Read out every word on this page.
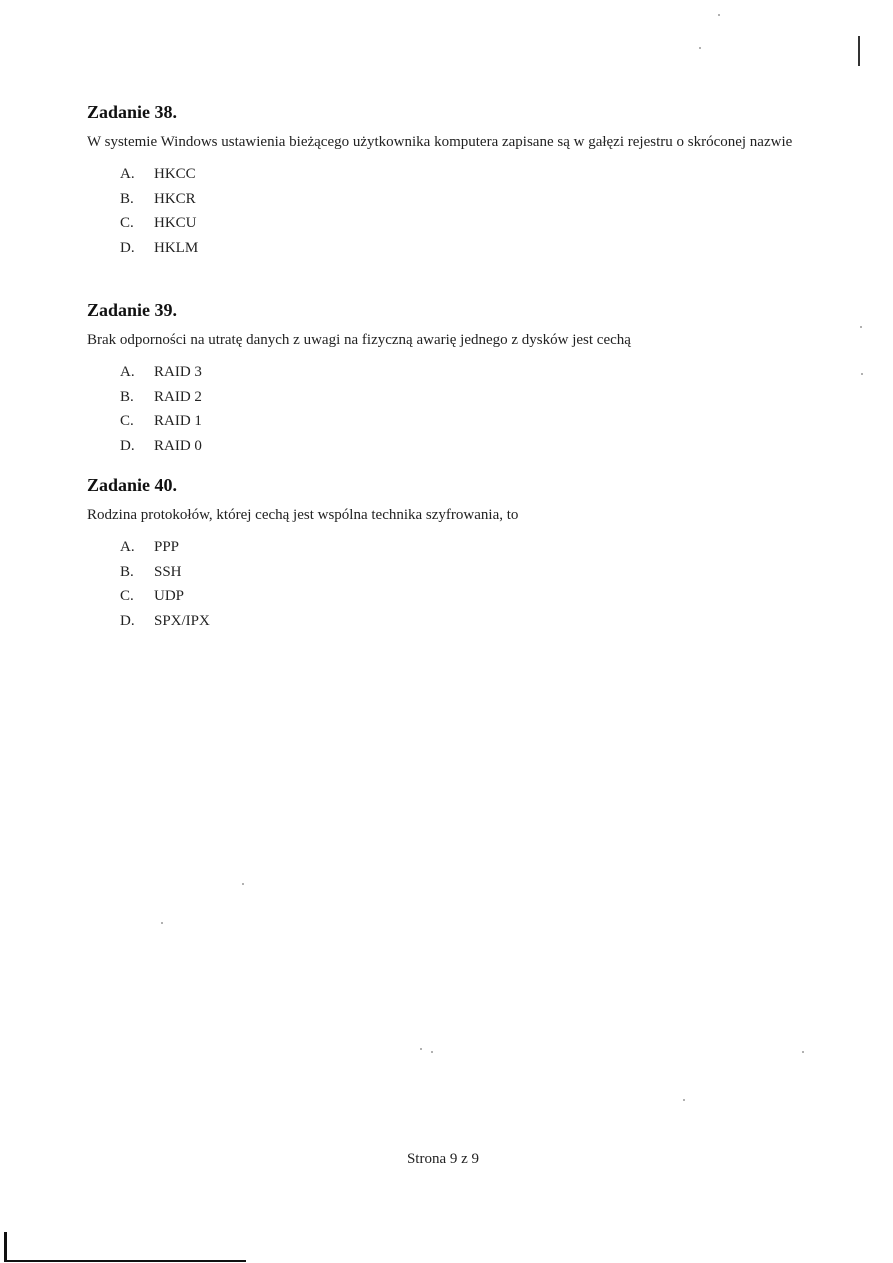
Zadanie 38.

W systemie Windows ustawienia bieżącego użytkownika komputera zapisane są w gałęzi rejestru o skróconej nazwie

A.	HKCC
B.	HKCR
C.	HKCU
D.	HKLM
Zadanie 39.

Brak odporności na utratę danych z uwagi na fizyczną awarię jednego z dysków jest cechą

A.	RAID 3
B.	RAID 2
C.	RAID 1
D.	RAID 0
Zadanie 40.

Rodzina protokołów, której cechą jest wspólna technika szyfrowania, to

A.	PPP
B.	SSH
C.	UDP
D.	SPX/IPX
Strona 9 z 9
